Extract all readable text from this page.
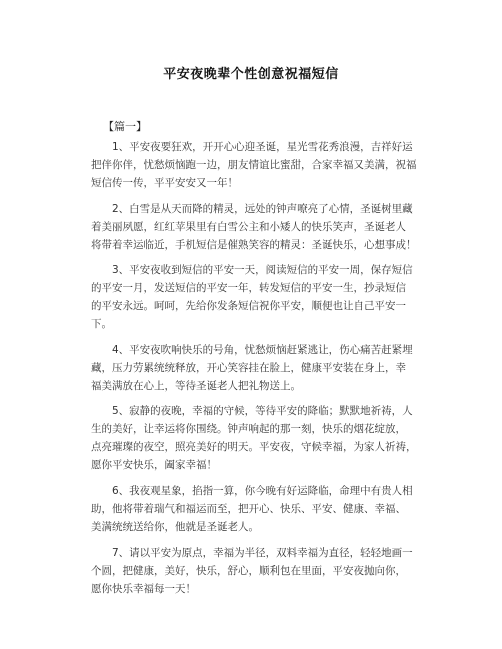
平安夜晚辈个性创意祝福短信
【篇一】
1、平安夜要狂欢，开开心心迎圣诞，星光雪花秀浪漫，吉祥好运
把伴你伴，忧愁烦恼跑一边，朋友情谊比蜜甜，合家幸福又美满，祝福
短信传一传，平平安安又一年！
2、白雪是从天而降的精灵，远处的钟声嘹亮了心情，圣诞树里藏
着美丽夙愿，红红苹果里有白雪公主和小矮人的快乐笑声，圣诞老人
将带着幸运临近，手机短信是催熟笑容的精灵：圣诞快乐，心想事成！
3、平安夜收到短信的平安一天，阅读短信的平安一周，保存短信
的平安一月，发送短信的平安一年，转发短信的平安一生，抄录短信
的平安永远。呵呵，先给你发条短信祝你平安，顺便也让自己平安一
下。
4、平安夜吹响快乐的号角，忧愁烦恼赶紧逃让，伤心痛苦赶紧埋
藏，压力劳累统统释放，开心笑容挂在脸上，健康平安装在身上，幸
福美满放在心上，等待圣诞老人把礼物送上。
5、寂静的夜晚，幸福的守候，等待平安的降临；默默地祈祷，人
生的美好，让幸运将你围绕。钟声响起的那一刻，快乐的烟花绽放，
点亮璀璨的夜空，照亮美好的明天。平安夜，守候幸福，为家人祈祷，
愿你平安快乐，阖家幸福！
6、我夜观星象，掐指一算，你今晚有好运降临，命理中有贵人相
助，他将带着瑞气和福运而至，把开心、快乐、平安、健康、幸福、
美满统统送给你，他就是圣诞老人。
7、请以平安为原点，幸福为半径，双料幸福为直径，轻轻地画一
个圆，把健康，美好，快乐，舒心，顺利包在里面，平安夜抛向你，
愿你快乐幸福每一天！
